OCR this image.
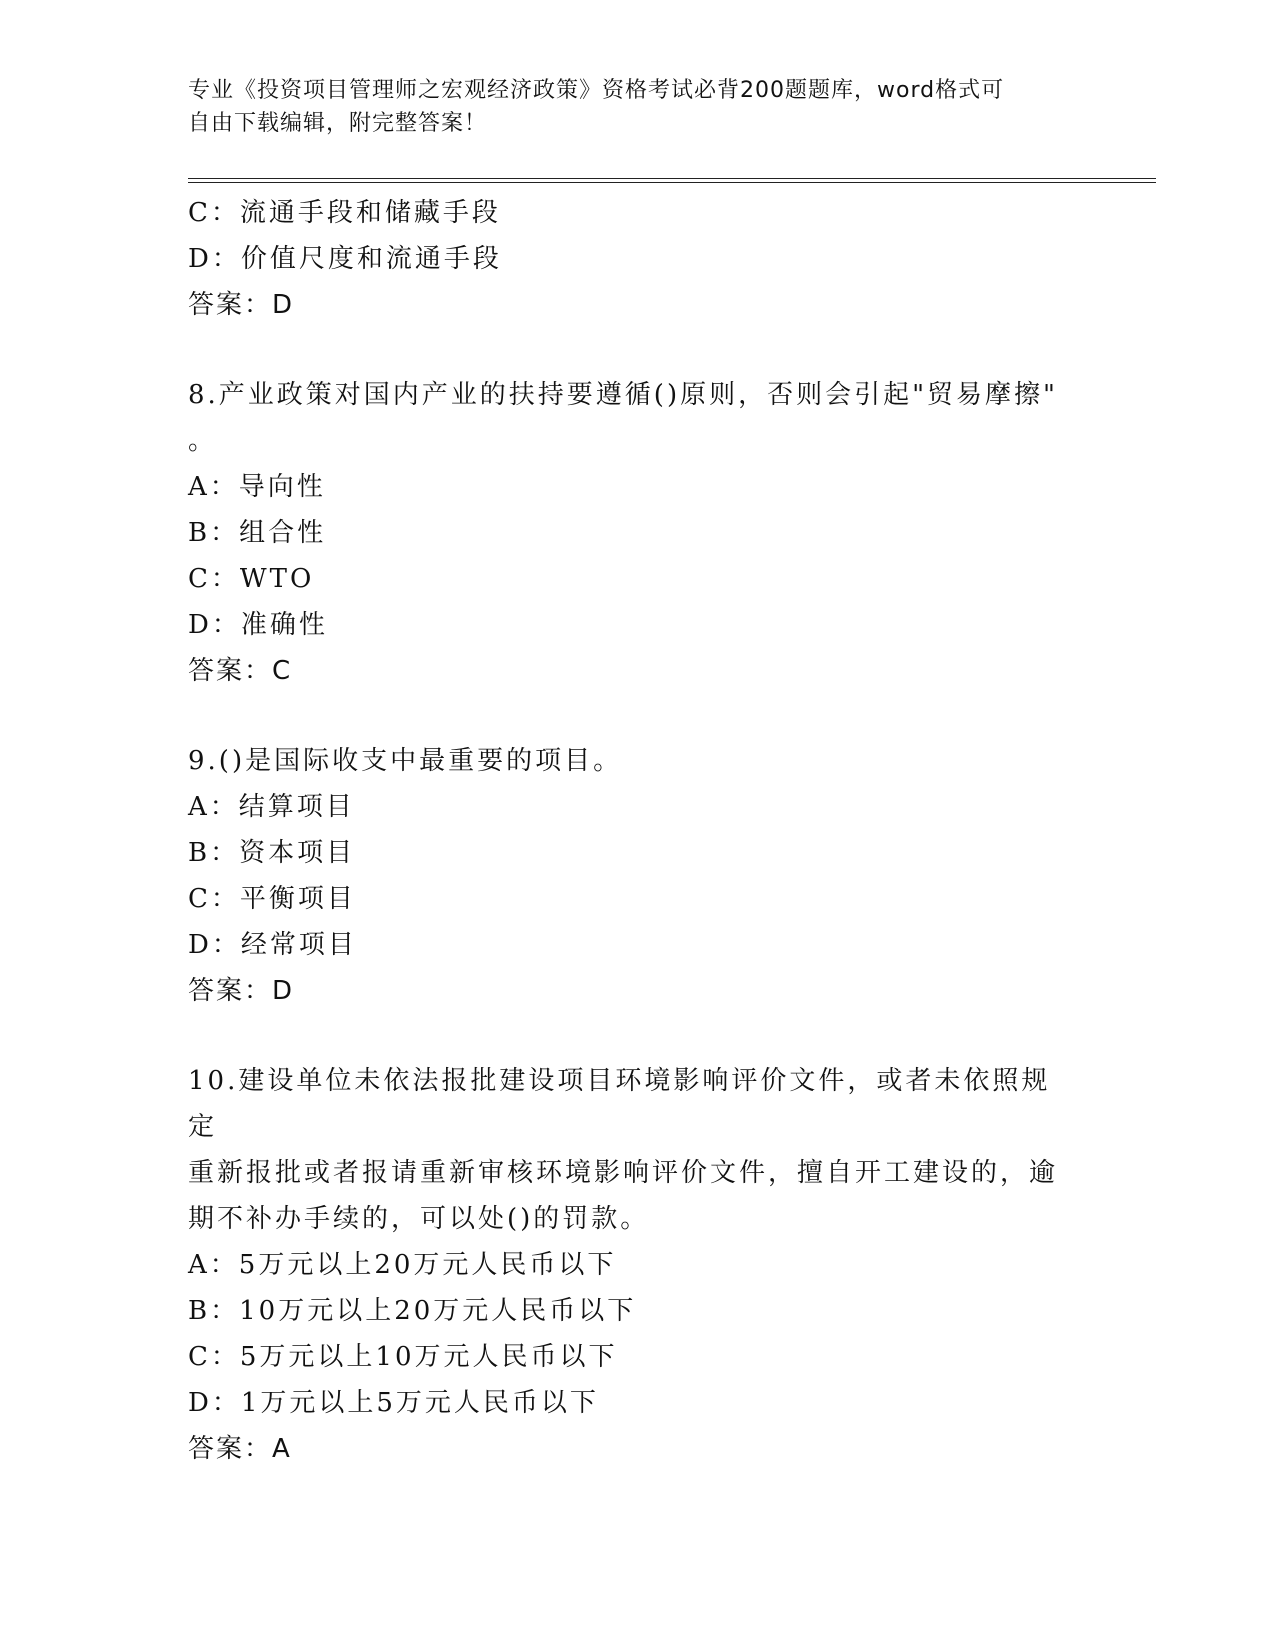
专业《投资项目管理师之宏观经济政策》资格考试必背200题题库，word格式可
自由下载编辑，附完整答案！
C：流通手段和储藏手段
D：价值尺度和流通手段
答案：D
8.产业政策对国内产业的扶持要遵循()原则，否则会引起"贸易摩擦"
。
A：导向性
B：组合性
C：WTO
D：准确性
答案：C
9.()是国际收支中最重要的项目。
A：结算项目
B：资本项目
C：平衡项目
D：经常项目
答案：D
10.建设单位未依法报批建设项目环境影响评价文件，或者未依照规定
重新报批或者报请重新审核环境影响评价文件，擅自开工建设的，逾
期不补办手续的，可以处()的罚款。
A：5万元以上20万元人民币以下
B：10万元以上20万元人民币以下
C：5万元以上10万元人民币以下
D：1万元以上5万元人民币以下
答案：A
